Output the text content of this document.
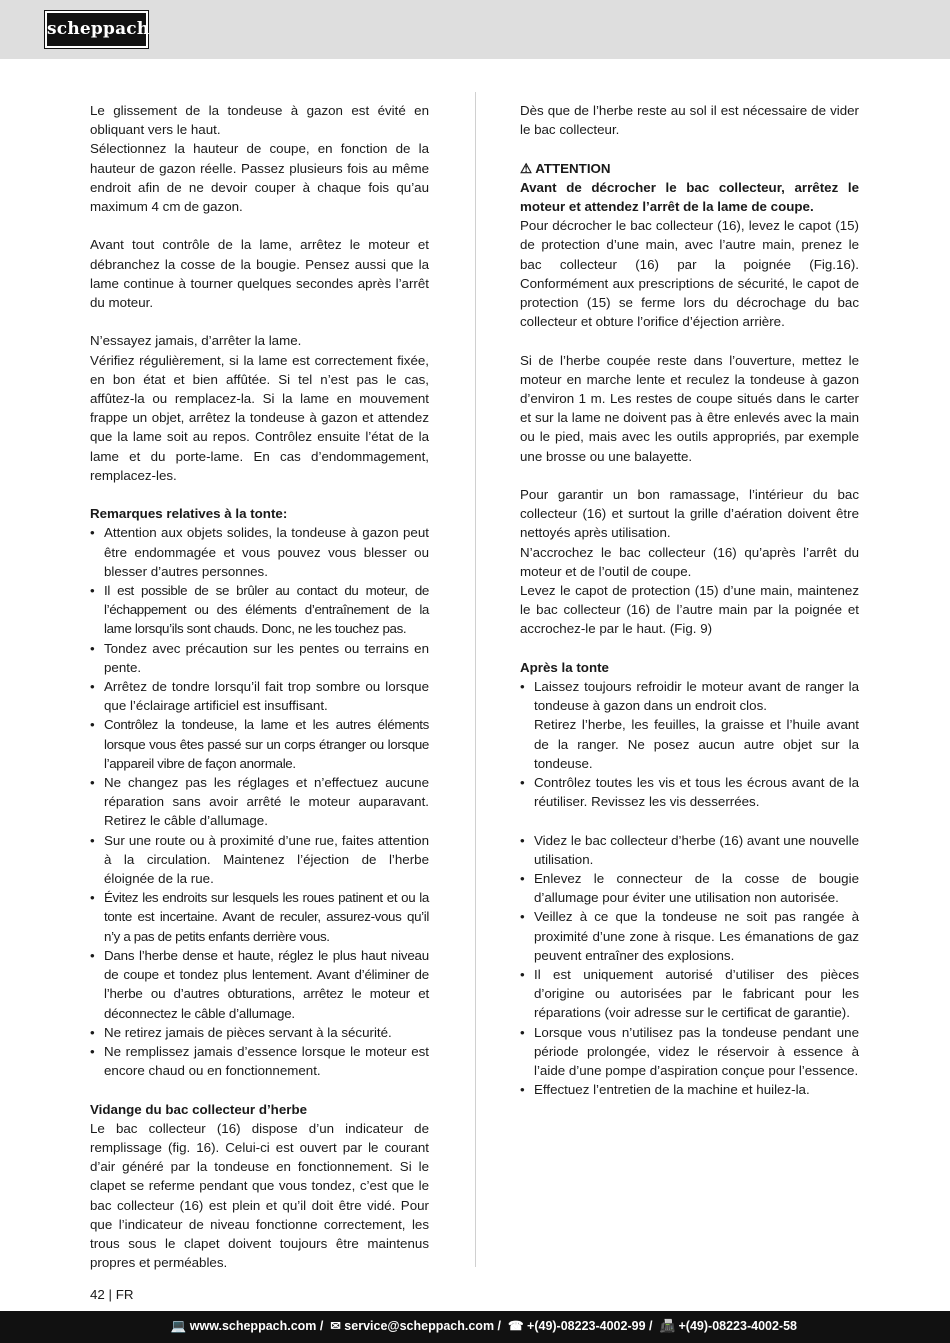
scheppach

Le glissement de la tondeuse à gazon est évité en obliquant vers le haut.

Sélectionnez la hauteur de coupe, en fonction de la hauteur de gazon réelle. Passez plusieurs fois au même endroit afin de ne devoir couper à chaque fois qu’au maximum 4 cm de gazon.

Avant tout contrôle de la lame, arrêtez le moteur et débranchez la cosse de la bougie. Pensez aussi que la lame continue à tourner quelques secondes après l’arrêt du moteur.

N’essayez jamais, d’arrêter la lame.

Vérifiez régulièrement, si la lame est correctement fixée, en bon état et bien affûtée. Si tel n’est pas le cas, affûtez-la ou remplacez-la. Si la lame en mouvement frappe un objet, arrêtez la tondeuse à gazon et attendez que la lame soit au repos. Contrôlez ensuite l’état de la lame et du porte-lame. En cas d’endommagement, remplacez-les.

Remarques relatives à la tonte:

• Attention aux objets solides, la tondeuse à gazon peut être endommagée et vous pouvez vous blesser ou blesser d’autres personnes.
• Il est possible de se brûler au contact du moteur, de l’échappement ou des éléments d’entraînement de la lame lorsqu’ils sont chauds. Donc, ne les touchez pas.
• Tondez avec précaution sur les pentes ou terrains en pente.
• Arrêtez de tondre lorsqu’il fait trop sombre ou lorsque que l’éclairage artificiel est insuffisant.
• Contrôlez la tondeuse, la lame et les autres éléments lorsque vous êtes passé sur un corps étranger ou lorsque l’appareil vibre de façon anormale.
• Ne changez pas les réglages et n’effectuez aucune réparation sans avoir arrêté le moteur auparavant. Retirez le câble d’allumage.
• Sur une route ou à proximité d’une rue, faites attention à la circulation. Maintenez l’éjection de l’herbe éloignée de la rue.
• Évitez les endroits sur lesquels les roues patinent et ou la tonte est incertaine. Avant de reculer, assurez-vous qu’il n’y a pas de petits enfants derrière vous.
• Dans l’herbe dense et haute, réglez le plus haut niveau de coupe et tondez plus lentement. Avant d’éliminer de l’herbe ou d’autres obturations, arrêtez le moteur et déconnectez le câble d’allumage.
• Ne retirez jamais de pièces servant à la sécurité.
• Ne remplissez jamais d’essence lorsque le moteur est encore chaud ou en fonctionnement.

Vidange du bac collecteur d’herbe

Le bac collecteur (16) dispose d’un indicateur de remplissage (fig. 16). Celui-ci est ouvert par le courant d’air généré par la tondeuse en fonctionnement. Si le clapet se referme pendant que vous tondez, c’est que le bac collecteur (16) est plein et qu’il doit être vidé. Pour que l’indicateur de niveau fonctionne correctement, les trous sous le clapet doivent toujours être maintenus propres et perméables.

Dès que de l’herbe reste au sol il est nécessaire de vider le bac collecteur.

⚠ ATTENTION

Avant de décrocher le bac collecteur, arrêtez le moteur et attendez l’arrêt de la lame de coupe.

Pour décrocher le bac collecteur (16), levez le capot (15) de protection d’une main, avec l’autre main, prenez le bac collecteur (16) par la poignée (Fig.16). Conformément aux prescriptions de sécurité, le capot de protection (15) se ferme lors du décrochage du bac collecteur et obture l’orifice d’éjection arrière.

Si de l’herbe coupée reste dans l’ouverture, mettez le moteur en marche lente et reculez la tondeuse à gazon d’environ 1 m. Les restes de coupe situés dans le carter et sur la lame ne doivent pas à être enlevés avec la main ou le pied, mais avec les outils appropriés, par exemple une brosse ou une balayette.

Pour garantir un bon ramassage, l’intérieur du bac collecteur (16) et surtout la grille d’aération doivent être nettoyés après utilisation.

N’accrochez le bac collecteur (16) qu’après l’arrêt du moteur et de l’outil de coupe.

Levez le capot de protection (15) d’une main, maintenez le bac collecteur (16) de l’autre main par la poignée et accrochez-le par le haut. (Fig. 9)

Après la tonte

• Laissez toujours refroidir le moteur avant de ranger la tondeuse à gazon dans un endroit clos.
Retirez l’herbe, les feuilles, la graisse et l’huile avant de la ranger. Ne posez aucun autre objet sur la tondeuse.
• Contrôlez toutes les vis et tous les écrous avant de la réutiliser. Revissez les vis desserrées.
• Videz le bac collecteur d’herbe (16) avant une nouvelle utilisation.
• Enlevez le connecteur de la cosse de bougie d’allumage pour éviter une utilisation non autorisée.
• Veillez à ce que la tondeuse ne soit pas rangée à proximité d’une zone à risque. Les émanations de gaz peuvent entraîner des explosions.
• Il est uniquement autorisé d’utiliser des pièces d’origine ou autorisées par le fabricant pour les réparations (voir adresse sur le certificat de garantie).
• Lorsque vous n’utilisez pas la tondeuse pendant une période prolongée, videz le réservoir à essence à l’aide d’une pompe d’aspiration conçue pour l’essence.
• Effectuez l’entretien de la machine et huilez-la.
42 | FR
💻 www.scheppach.com /  ✉ service@scheppach.com /  ☎ +(49)-08223-4002-99 /  📠 +(49)-08223-4002-58
